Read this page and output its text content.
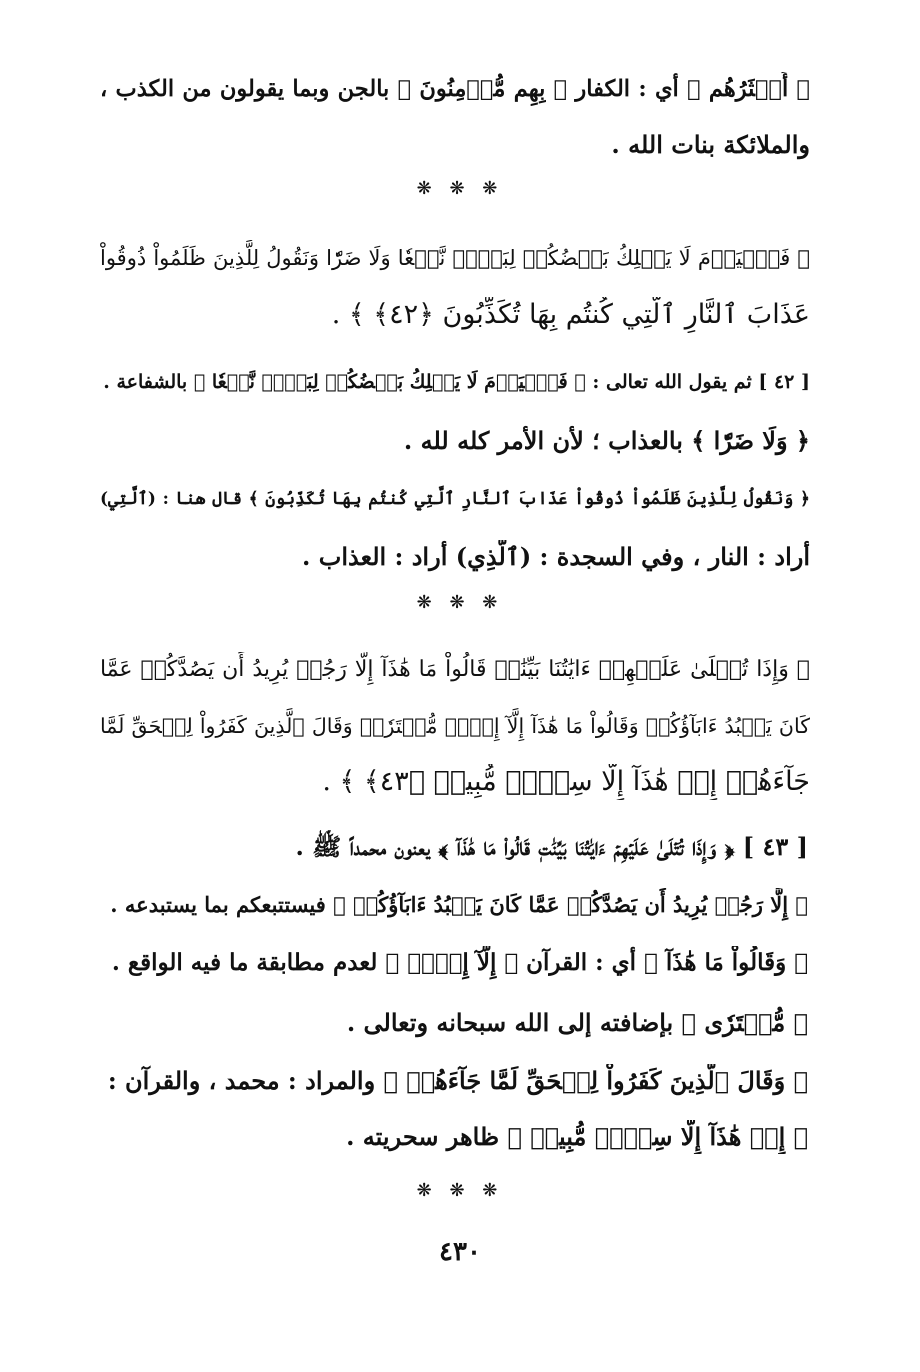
﴿ أَكۡثَرُهُم ﴾ أي : الكفار ﴿ بِهِم مُّؤۡمِنُونَ ﴾ بالجن وبما يقولون من الكذب ،
والملائكة بنات الله .
❋ ❋ ❋
﴿ فَٱلۡيَوۡمَ لَا يَمۡلِكُ بَعۡضُكُمۡ لِبَعۡضٖ نَّفۡعٗا وَلَا ضَرّٗا وَنَقُولُ لِلَّذِينَ ظَلَمُواْ ذُوقُواْ
عَذَابَ ٱلنَّارِ ٱلَّتِي كُنتُم بِهَا تُكَذِّبُونَ ﴿٤٢﴾ ﴾ .
[ ٤٢ ] ثم يقول الله تعالى : ﴿ فَٱلۡيَوۡمَ لَا يَمۡلِكُ بَعۡضُكُمۡ لِبَعۡضٖ نَّفۡعٗا ﴾ بالشفاعة .
﴿ وَلَا ضَرّٗا ﴾ بالعذاب ؛ لأن الأمر كله لله .
﴿ وَنَقُولُ لِلَّذِينَ ظَلَمُواْ ذُوقُواْ عَذَابَ ٱلنَّارِ ٱلَّتِي كُنتُم بِهَا تُكَذِّبُونَ ﴾ قال هنا : (ٱلَّتِي)
أراد : النار ، وفي السجدة : (ٱلَّذِي) أراد : العذاب .
❋ ❋ ❋
﴿ وَإِذَا تُتۡلَىٰ عَلَيۡهِمۡ ءَايَٰتُنَا بَيِّنَٰتٖ قَالُواْ مَا هَٰذَآ إِلَّا رَجُلٞ يُرِيدُ أَن يَصُدَّكُمۡ عَمَّا
كَانَ يَعۡبُدُ ءَابَآؤُكُمۡ وَقَالُواْ مَا هَٰذَآ إِلَّآ إِفۡكٞ مُّفۡتَرٗىۚ وَقَالَ ٱلَّذِينَ كَفَرُواْ لِلۡحَقِّ لَمَّا
جَآءَهُمۡ إِنۡ هَٰذَآ إِلَّا سِحۡرٞ مُّبِينٞ ﴿٤٣﴾ ﴾ .
[ ٤٣ ] ﴿ وَإِذَا تُتۡلَىٰ عَلَيۡهِمۡ ءَايَٰتُنَا بَيِّنَٰتٖ قَالُواْ مَا هَٰذَآ ﴾ يعنون محمداً ﷺ .
﴿ إِلَّا رَجُلٞ يُرِيدُ أَن يَصُدَّكُمۡ عَمَّا كَانَ يَعۡبُدُ ءَابَآؤُكُمۡ ﴾ فيستتبعكم بما يستبدعه .
﴿ وَقَالُواْ مَا هَٰذَآ ﴾ أي : القرآن ﴿ إِلَّآ إِفۡكٞ ﴾ لعدم مطابقة ما فيه الواقع .
﴿ مُّفۡتَرٗى ﴾ بإضافته إلى الله سبحانه وتعالى .
﴿ وَقَالَ ٱلَّذِينَ كَفَرُواْ لِلۡحَقِّ لَمَّا جَآءَهُمۡ ﴾ والمراد : محمد ، والقرآن :
﴿ إِنۡ هَٰذَآ إِلَّا سِحۡرٞ مُّبِينٞ ﴾ ظاهر سحريته .
❋ ❋ ❋
٤٣٠
